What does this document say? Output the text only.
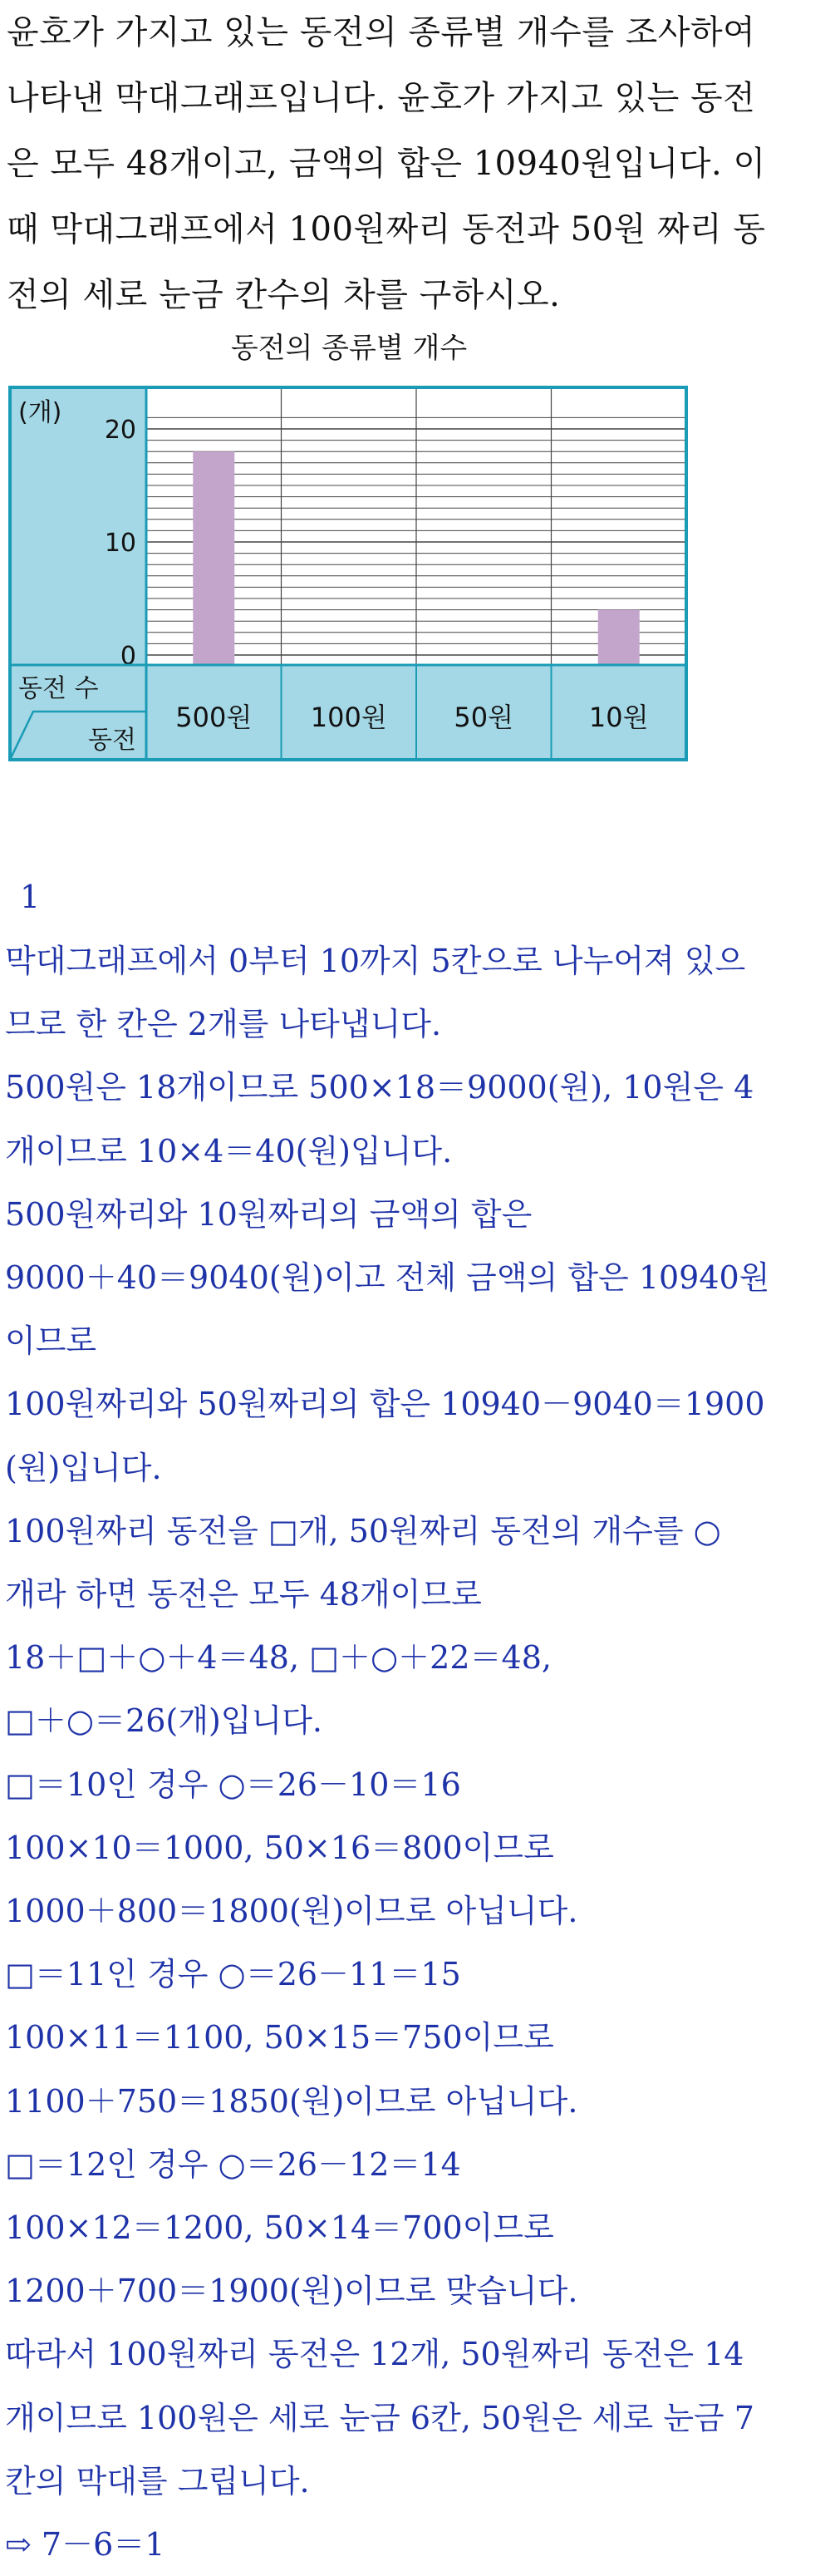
윤호가 가지고 있는 동전의 종류별 개수를 조사하여
나타낸 막대그래프입니다. 윤호가 가지고 있는 동전
은 모두 48개이고, 금액의 합은 10940원입니다. 이
때 막대그래프에서 100원짜리 동전과 50원 짜리 동
전의 세로 눈금 칸수의 차를 구하시오.
동전의 종류별 개수
500원 100원	50원	10원
0
10
20
(개)
동전 수
동전
1
막대그래프에서 0부터 10까지 5칸으로 나누어져 있으
므로 한 칸은 2개를 나타냅니다.
500원은 18개이므로 500×18＝9000(원), 10원은 4
개이므로 10×4＝40(원)입니다.
500원짜리와 10원짜리의 금액의 합은
9000＋40＝9040(원)이고 전체 금액의 합은 10940원
이므로
100원짜리와 50원짜리의 합은 10940－9040＝1900
(원)입니다.
100원짜리 동전을 □개, 50원짜리 동전의 개수를 ○
개라 하면 동전은 모두 48개이므로
18＋□＋○＋4＝48, □＋○＋22＝48,
□＋○＝26(개)입니다.
□＝10인 경우 ○＝26－10＝16
100×10＝1000, 50×16＝800이므로
1000＋800＝1800(원)이므로 아닙니다.
□＝11인 경우 ○＝26－11＝15
100×11＝1100, 50×15＝750이므로
1100＋750＝1850(원)이므로 아닙니다.
□＝12인 경우 ○＝26－12＝14
100×12＝1200, 50×14＝700이므로
1200＋700＝1900(원)이므로 맞습니다.
따라서 100원짜리 동전은 12개, 50원짜리 동전은 14
개이므로 100원은 세로 눈금 6칸, 50원은 세로 눈금 7
칸의 막대를 그립니다.
⇨ 7－6＝1
